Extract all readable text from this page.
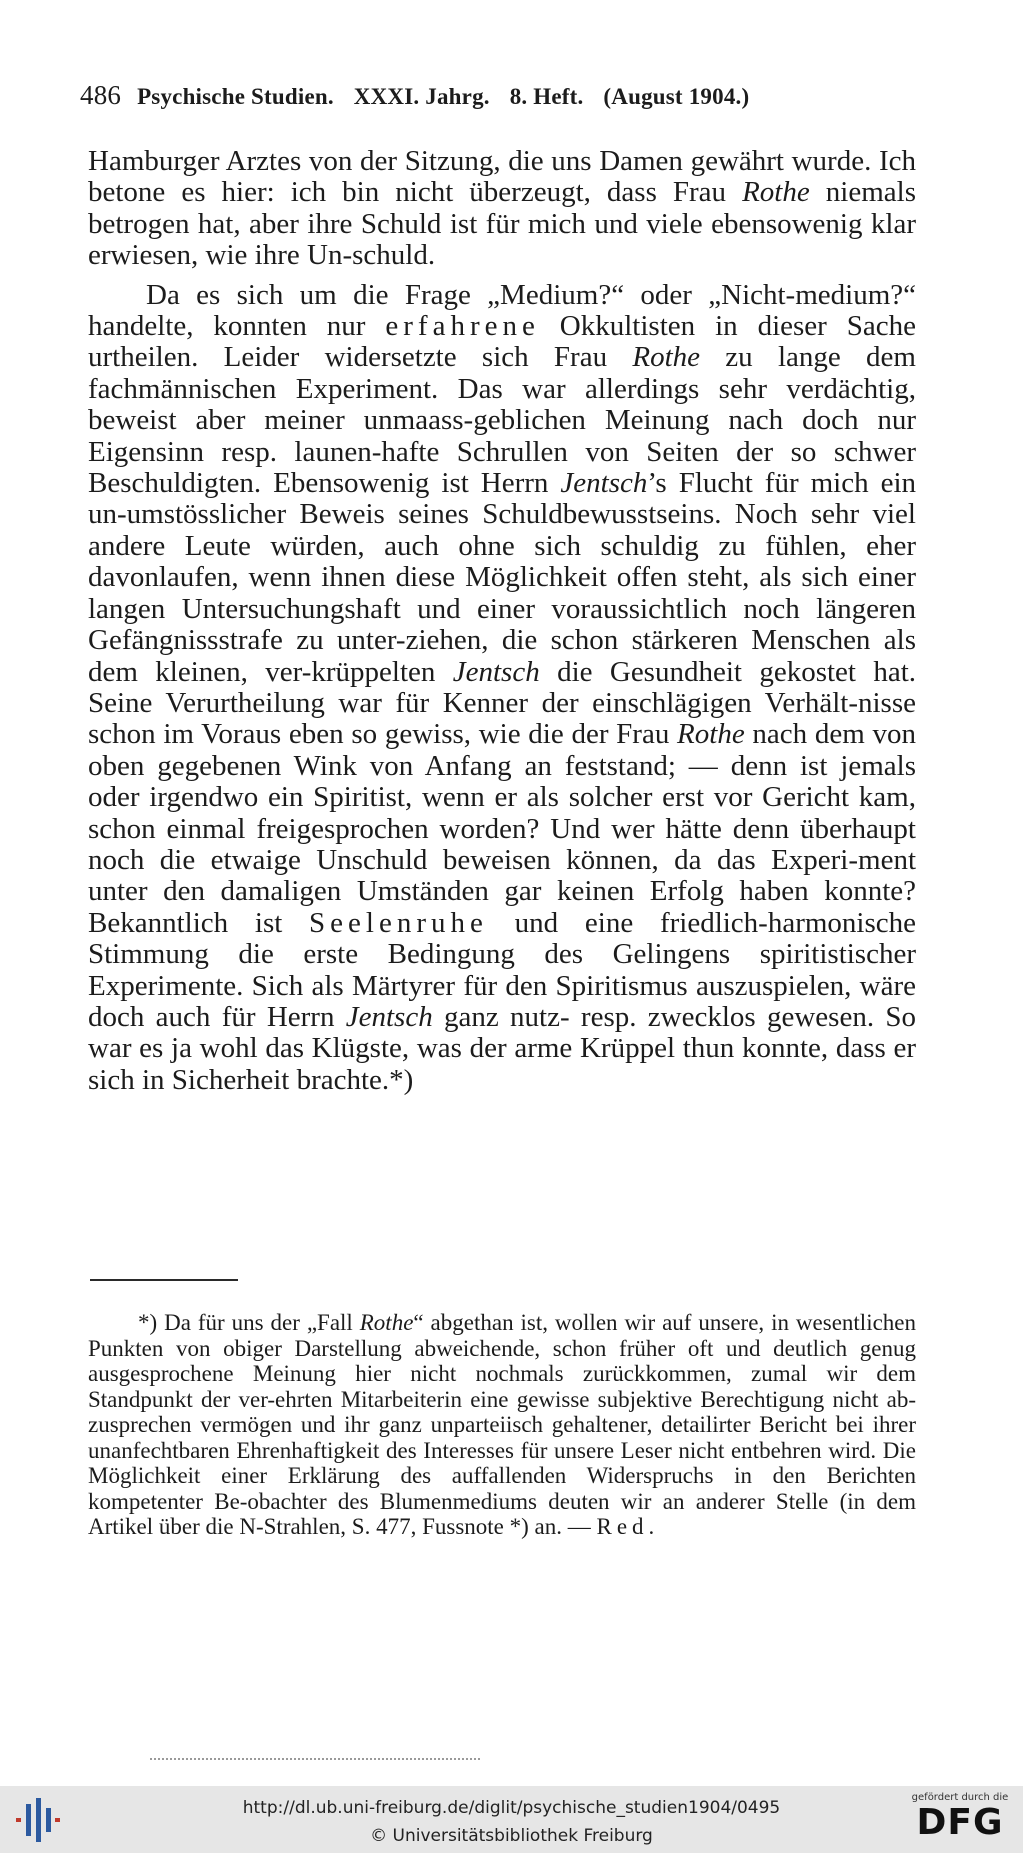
486 Psychische Studien. XXXI. Jahrg. 8. Heft. (August 1904.)

Hamburger Arztes von der Sitzung, die uns Damen gewährt wurde. Ich betone es hier: ich bin nicht überzeugt, dass Frau Rothe niemals betrogen hat, aber ihre Schuld ist für mich und viele ebensowenig klar erwiesen, wie ihre Un-schuld.

Da es sich um die Frage „Medium?“ oder „Nicht-medium?“ handelte, konnten nur erfahrene Okkultisten in dieser Sache urtheilen. Leider widersetzte sich Frau Rothe zu lange dem fachmännischen Experiment. Das war allerdings sehr verdächtig, beweist aber meiner unmaass-geblichen Meinung nach doch nur Eigensinn resp. launen-hafte Schrullen von Seiten der so schwer Beschuldigten. Ebensowenig ist Herrn Jentsch’s Flucht für mich ein un-umstösslicher Beweis seines Schuldbewusstseins. Noch sehr viel andere Leute würden, auch ohne sich schuldig zu fühlen, eher davonlaufen, wenn ihnen diese Möglichkeit offen steht, als sich einer langen Untersuchungshaft und einer voraussichtlich noch längeren Gefängnissstrafe zu unter-ziehen, die schon stärkeren Menschen als dem kleinen, ver-krüppelten Jentsch die Gesundheit gekostet hat. Seine Verurtheilung war für Kenner der einschlägigen Verhält-nisse schon im Voraus eben so gewiss, wie die der Frau Rothe nach dem von oben gegebenen Wink von Anfang an feststand; — denn ist jemals oder irgendwo ein Spiritist, wenn er als solcher erst vor Gericht kam, schon einmal freigesprochen worden? Und wer hätte denn überhaupt noch die etwaige Unschuld beweisen können, da das Experi-ment unter den damaligen Umständen gar keinen Erfolg haben konnte? Bekanntlich ist Seelenruhe und eine friedlich-harmonische Stimmung die erste Bedingung des Gelingens spiritistischer Experimente. Sich als Märtyrer für den Spiritismus auszuspielen, wäre doch auch für Herrn Jentsch ganz nutz- resp. zwecklos gewesen. So war es ja wohl das Klügste, was der arme Krüppel thun konnte, dass er sich in Sicherheit brachte.*)

*) Da für uns der „Fall Rothe“ abgethan ist, wollen wir auf unsere, in wesentlichen Punkten von obiger Darstellung abweichende, schon früher oft und deutlich genug ausgesprochene Meinung hier nicht nochmals zurückkommen, zumal wir dem Standpunkt der ver-ehrten Mitarbeiterin eine gewisse subjektive Berechtigung nicht ab-zusprechen vermögen und ihr ganz unparteiisch gehaltener, detailirter Bericht bei ihrer unanfechtbaren Ehrenhaftigkeit des Interesses für unsere Leser nicht entbehren wird. Die Möglichkeit einer Erklärung des auffallenden Widerspruchs in den Berichten kompetenter Be-obachter des Blumenmediums deuten wir an anderer Stelle (in dem Artikel über die N-Strahlen, S. 477, Fussnote *) an. — Red.

http://dl.ub.uni-freiburg.de/diglit/psychische_studien1904/0495
© Universitätsbibliothek Freiburg
gefördert durch die
DFG
